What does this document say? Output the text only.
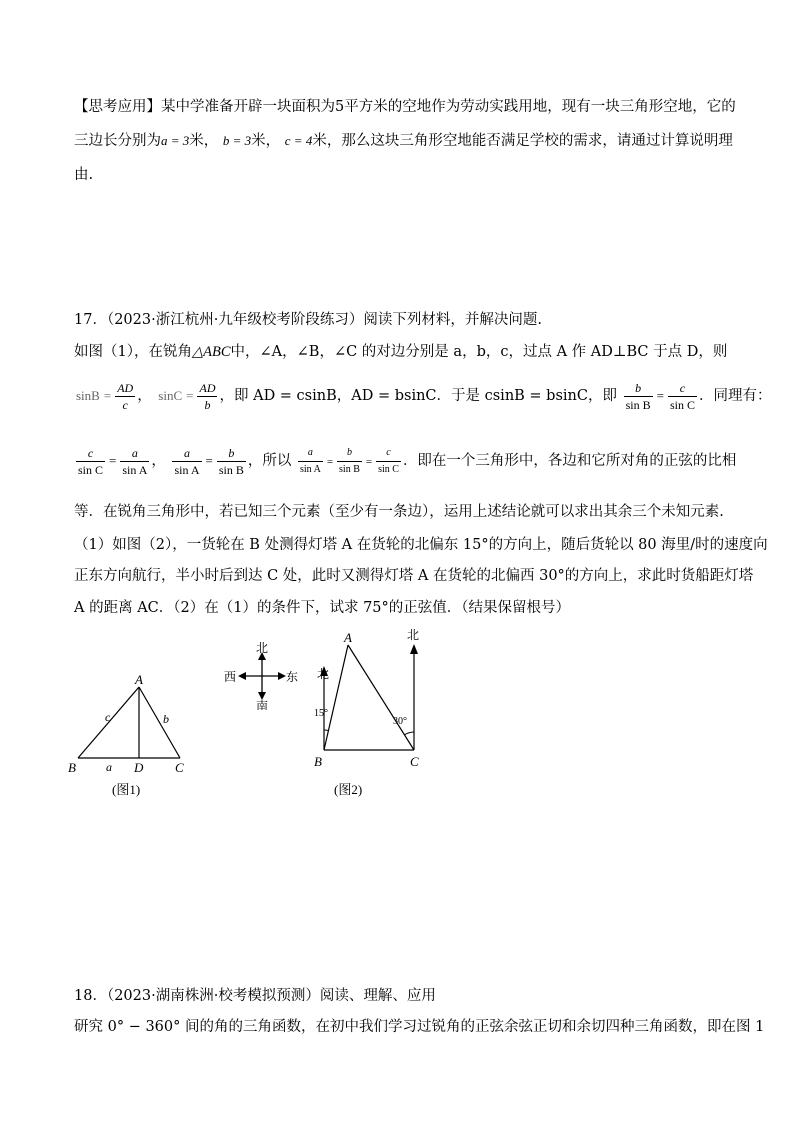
【思考应用】某中学准备开辟一块面积为5平方米的空地作为劳动实践用地，现有一块三角形空地，它的
三边长分别为a = 3米， b = 3米， c = 4米，那么这块三角形空地能否满足学校的需求，请通过计算说明理
由.
17．（2023·浙江杭州·九年级校考阶段练习）阅读下列材料，并解决问题.
如图（1），在锐角△ABC中，∠A，∠B，∠C 的对边分别是 a，b，c，过点 A 作 AD⊥BC 于点 D，则
$\sin B = \frac{AD}{c}$ ， $\sin C = \frac{AD}{b}$ ，即 AD = csinB，AD = bsinC．于是 csinB = bsinC，即 $\frac{b}{\text{sin B}} = \frac{c}{\text{sin C}}$ ．同理有：
$\frac{c}{\text{sin C}} = \frac{a}{\text{sin A}}$ ， $\frac{a}{\text{sin A}} = \frac{b}{\text{sin B}}$ ，所以 $\frac{a}{\text{sin A}} = \frac{b}{\text{sin B}} = \frac{c}{\text{sin C}}$ ．即在一个三角形中，各边和它所对角的正弦的比相
等．在锐角三角形中，若已知三个元素（至少有一条边），运用上述结论就可以求出其余三个未知元素.
（1）如图（2），一货轮在 B 处测得灯塔 A 在货轮的北偏东 15°的方向上，随后货轮以 80 海里/时的速度向
正东方向航行，半小时后到达 C 处，此时又测得灯塔 A 在货轮的北偏西 30°的方向上，求此时货船距灯塔
A 的距离 AC．（2）在（1）的条件下，试求 75°的正弦值．（结果保留根号）
A
B	D C
c	b
a
(图1)
北
南
西	东
A
B	C
北
北
15°
30°
(图2)
18．（2023·湖南株洲·校考模拟预测）阅读、理解、应用
研究 0° − 360° 间的角的三角函数，在初中我们学习过锐角的正弦余弦正切和余切四种三角函数，即在图 1
